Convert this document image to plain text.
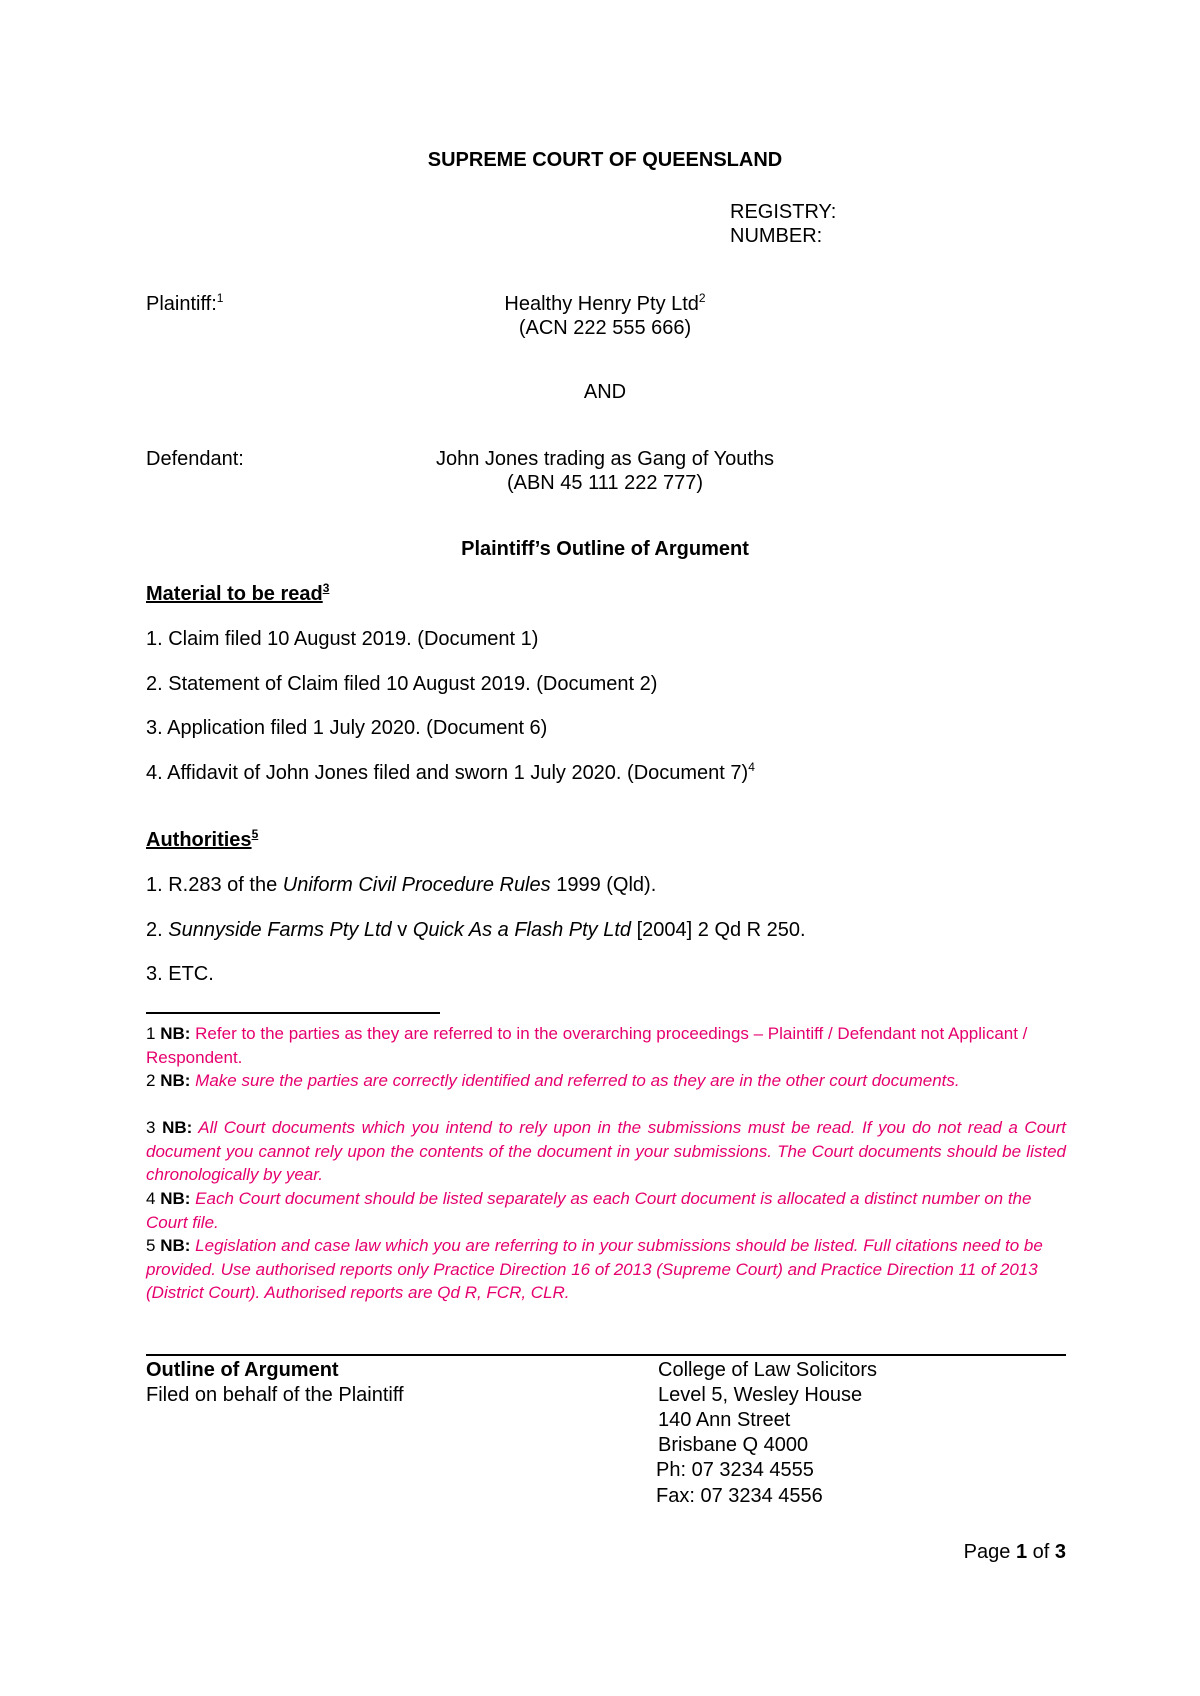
SUPREME COURT OF QUEENSLAND
REGISTRY:
NUMBER:
Plaintiff:$^1$	Healthy Henry Pty Ltd$^2$
(ACN 222 555 666)
AND
Defendant:	John Jones trading as Gang of Youths
(ABN 45 111 222 777)
Plaintiff’s Outline of Argument
Material to be read$^3$
1. Claim filed 10 August 2019. (Document 1)
2. Statement of Claim filed 10 August 2019. (Document 2)
3. Application filed 1 July 2020. (Document 6)
4. Affidavit of John Jones filed and sworn 1 July 2020. (Document 7)$^4$
Authorities$^5$
1. R.283 of the Uniform Civil Procedure Rules 1999 (Qld).
2. Sunnyside Farms Pty Ltd v Quick As a Flash Pty Ltd [2004] 2 Qd R 250.
3. ETC.
1 NB: Refer to the parties as they are referred to in the overarching proceedings – Plaintiff / Defendant not Applicant / Respondent.
2 NB: Make sure the parties are correctly identified and referred to as they are in the other court documents.
3 NB: All Court documents which you intend to rely upon in the submissions must be read. If you do not read a Court document you cannot rely upon the contents of the document in your submissions. The Court documents should be listed chronologically by year.
4 NB: Each Court document should be listed separately as each Court document is allocated a distinct number on the Court file.
5 NB: Legislation and case law which you are referring to in your submissions should be listed. Full citations need to be provided. Use authorised reports only Practice Direction 16 of 2013 (Supreme Court) and Practice Direction 11 of 2013 (District Court). Authorised reports are Qd R, FCR, CLR.
Outline of Argument
Filed on behalf of the Plaintiff
College of Law Solicitors
Level 5, Wesley House
140 Ann Street
Brisbane Q 4000
Ph: 07 3234 4555
Fax: 07 3234 4556
Page 1 of 3
